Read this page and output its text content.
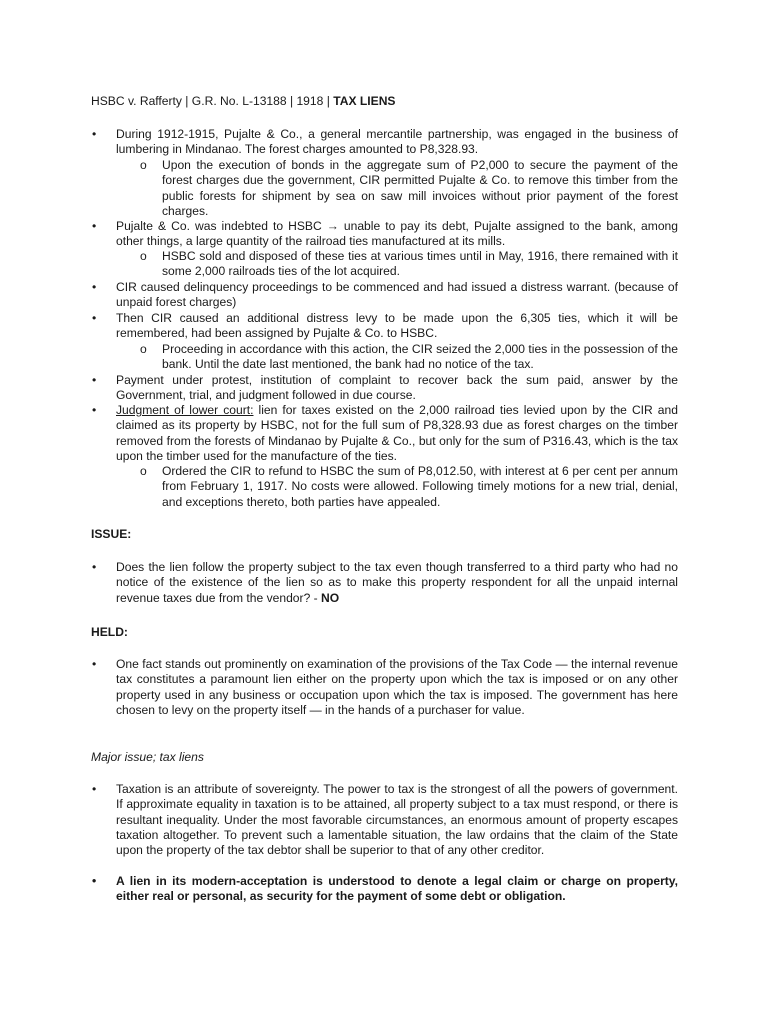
HSBC v. Rafferty | G.R. No. L-13188 | 1918 | TAX LIENS
• During 1912-1915, Pujalte & Co., a general mercantile partnership, was engaged in the business of lumbering in Mindanao. The forest charges amounted to P8,328.93.
o Upon the execution of bonds in the aggregate sum of P2,000 to secure the payment of the forest charges due the government, CIR permitted Pujalte & Co. to remove this timber from the public forests for shipment by sea on saw mill invoices without prior payment of the forest charges.
• Pujalte & Co. was indebted to HSBC → unable to pay its debt, Pujalte assigned to the bank, among other things, a large quantity of the railroad ties manufactured at its mills.
o HSBC sold and disposed of these ties at various times until in May, 1916, there remained with it some 2,000 railroads ties of the lot acquired.
• CIR caused delinquency proceedings to be commenced and had issued a distress warrant. (because of unpaid forest charges)
• Then CIR caused an additional distress levy to be made upon the 6,305 ties, which it will be remembered, had been assigned by Pujalte & Co. to HSBC.
o Proceeding in accordance with this action, the CIR seized the 2,000 ties in the possession of the bank. Until the date last mentioned, the bank had no notice of the tax.
• Payment under protest, institution of complaint to recover back the sum paid, answer by the Government, trial, and judgment followed in due course.
• Judgment of lower court: lien for taxes existed on the 2,000 railroad ties levied upon by the CIR and claimed as its property by HSBC, not for the full sum of P8,328.93 due as forest charges on the timber removed from the forests of Mindanao by Pujalte & Co., but only for the sum of P316.43, which is the tax upon the timber used for the manufacture of the ties.
o Ordered the CIR to refund to HSBC the sum of P8,012.50, with interest at 6 per cent per annum from February 1, 1917. No costs were allowed. Following timely motions for a new trial, denial, and exceptions thereto, both parties have appealed.
ISSUE:
• Does the lien follow the property subject to the tax even though transferred to a third party who had no notice of the existence of the lien so as to make this property respondent for all the unpaid internal revenue taxes due from the vendor? - NO
HELD:
• One fact stands out prominently on examination of the provisions of the Tax Code — the internal revenue tax constitutes a paramount lien either on the property upon which the tax is imposed or on any other property used in any business or occupation upon which the tax is imposed. The government has here chosen to levy on the property itself — in the hands of a purchaser for value.
Major issue; tax liens
• Taxation is an attribute of sovereignty. The power to tax is the strongest of all the powers of government. If approximate equality in taxation is to be attained, all property subject to a tax must respond, or there is resultant inequality. Under the most favorable circumstances, an enormous amount of property escapes taxation altogether. To prevent such a lamentable situation, the law ordains that the claim of the State upon the property of the tax debtor shall be superior to that of any other creditor.
• A lien in its modern-acceptation is understood to denote a legal claim or charge on property, either real or personal, as security for the payment of some debt or obligation.
